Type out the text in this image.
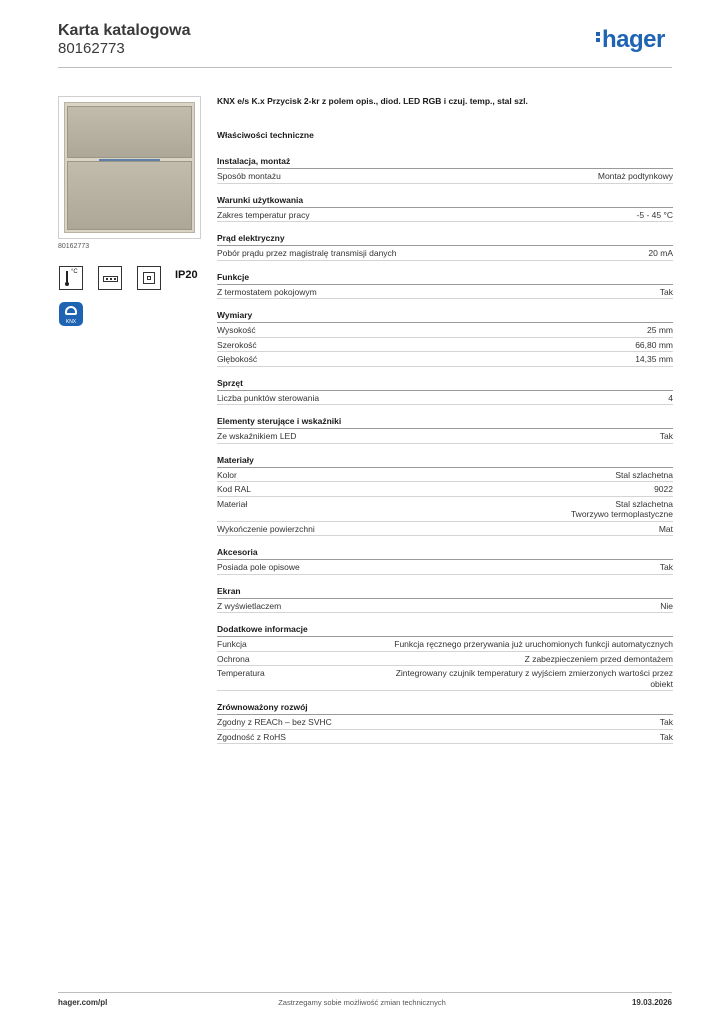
Karta katalogowa
80162773	hager
80162773
°C	IP20
KNX
KNX e/s K.x Przycisk 2-kr z polem opis., diod. LED RGB i czuj. temp., stal szl.
Właściwości techniczne
Instalacja, montaż
Sposób montażu	Montaż podtynkowy
Warunki użytkowania
Zakres temperatur pracy	-5 - 45 °C
Prąd elektryczny
Pobór prądu przez magistralę transmisji danych	20 mA
Funkcje
Z termostatem pokojowym	Tak
Wymiary
Wysokość	25 mm
Szerokość	66,80 mm
Głębokość	14,35 mm
Sprzęt
Liczba punktów sterowania	4
Elementy sterujące i wskaźniki
Ze wskaźnikiem LED	Tak
Materiały
Kolor	Stal szlachetna
Kod RAL	9022
Materiał	Stal szlachetna
Tworzywo termoplastyczne
Wykończenie powierzchni	Mat
Akcesoria
Posiada pole opisowe	Tak
Ekran
Z wyświetlaczem	Nie
Dodatkowe informacje
Funkcja	Funkcja ręcznego przerywania już uruchomionych funkcji automatycznych
Ochrona	Z zabezpieczeniem przed demontażem
Temperatura	Zintegrowany czujnik temperatury z wyjściem zmierzonych wartości przez obiekt
Zrównoważony rozwój
Zgodny z REACh – bez SVHC	Tak
Zgodność z RoHS	Tak
hager.com/pl	Zastrzegamy sobie możliwość zmian technicznych	19.03.2026
